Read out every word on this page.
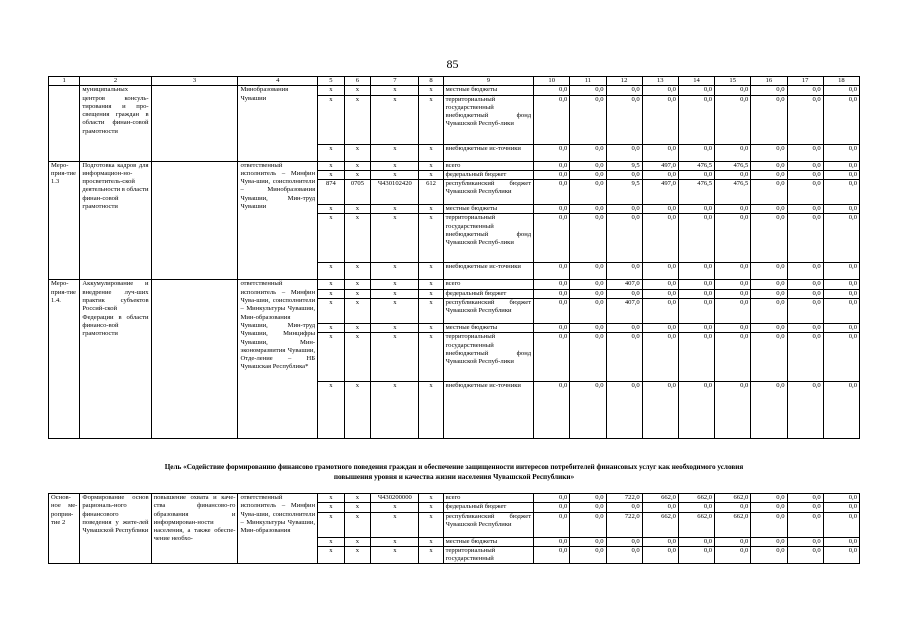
85
1	2	3	4	5	6	7	8	9	10	11	12	13	14	15	16	17	18
	муниципальных центров консуль-тирования и про-свещения граждан в области финан-совой грамотности		Минобразования Чувашии	x	x	x	x	местные бюджеты	0,0	0,0	0,0	0,0	0,0	0,0	0,0	0,0	0,0
				x	x	x	x	территориальный государственный внебюджетный фонд Чувашской Респуб-лики	0,0	0,0	0,0	0,0	0,0	0,0	0,0	0,0	0,0
				x	x	x	x	внебюджетные ис-точники	0,0	0,0	0,0	0,0	0,0	0,0	0,0	0,0	0,0
Меро-прия-тие 1.3	Подготовка кадров для информацион-но-просветитель-ской деятельности в области финан-совой грамотности		ответственный исполнитель – Минфин Чува-шии, соисполнители – Минобразования Чувашии, Мин-труд Чувашии	x	x	x	x	всего	0,0	0,0	9,5	497,0	476,5	476,5	0,0	0,0	0,0
				x	x	x	x	федеральный бюджет	0,0	0,0	0,0	0,0	0,0	0,0	0,0	0,0	0,0
				874	0705	Ч430102420	612	республиканский бюджет Чувашской Республики	0,0	0,0	9,5	497,0	476,5	476,5	0,0	0,0	0,0
				x	x	x	x	местные бюджеты	0,0	0,0	0,0	0,0	0,0	0,0	0,0	0,0	0,0
				x	x	x	x	территориальный государственный внебюджетный фонд Чувашской Респуб-лики	0,0	0,0	0,0	0,0	0,0	0,0	0,0	0,0	0,0
				x	x	x	x	внебюджетные ис-точники	0,0	0,0	0,0	0,0	0,0	0,0	0,0	0,0	0,0
Меро-прия-тие 1.4.	Аккумулирование и внедрение луч-ших практик субъектов Россий-ской Федерации в области финансо-вой грамотности		ответственный исполнитель – Минфин Чува-шии, соисполнители – Минкультуры Чувашии, Мин-образования Чувашии, Мин-труд Чувашии, Минцифры Чувашии, Мин-экономразвития Чувашии, Отде-ление – НБ Чувашская Республика*	x	x	x	x	всего	0,0	0,0	407,0	0,0	0,0	0,0	0,0	0,0	0,0
				x	x	x	x	федеральный бюджет	0,0	0,0	0,0	0,0	0,0	0,0	0,0	0,0	0,0
				x	x	x	x	республиканский бюджет Чувашской Республики	0,0	0,0	407,0	0,0	0,0	0,0	0,0	0,0	0,0
				x	x	x	x	местные бюджеты	0,0	0,0	0,0	0,0	0,0	0,0	0,0	0,0	0,0
				x	x	x	x	территориальный государственный внебюджетный фонд Чувашской Респуб-лики	0,0	0,0	0,0	0,0	0,0	0,0	0,0	0,0	0,0
				x	x	x	x	внебюджетные ис-точники	0,0	0,0	0,0	0,0	0,0	0,0	0,0	0,0	0,0
Цель «Содействие формированию финансово грамотного поведения граждан и обеспечение защищенности интересов потребителей финансовых услуг как необходимого условия
повышения уровня и качества жизни населения Чувашской Республики»
Основ-ное ме-роприя-тие 2	Формирование основ рациональ-ного финансового поведения у жите-лей Чувашской Республики	повышение охвата и каче-ства финансово-го образования и информирован-ности населения, а также обеспе-чение необхо-	ответственный исполнитель – Минфин Чува-шии, соисполнители – Минкультуры Чувашии, Мин-образования	x	x	Ч430200000	x	всего	0,0	0,0	722,0	662,0	662,0	662,0	0,0	0,0	0,0
				x	x	x	x	федеральный бюджет	0,0	0,0	0,0	0,0	0,0	0,0	0,0	0,0	0,0
				x	x	x	x	республиканский бюджет Чувашской Республики	0,0	0,0	722,0	662,0	662,0	662,0	0,0	0,0	0,0
				x	x	x	x	местные бюджеты	0,0	0,0	0,0	0,0	0,0	0,0	0,0	0,0	0,0
				x	x	x	x	территориальный государственный	0,0	0,0	0,0	0,0	0,0	0,0	0,0	0,0	0,0
